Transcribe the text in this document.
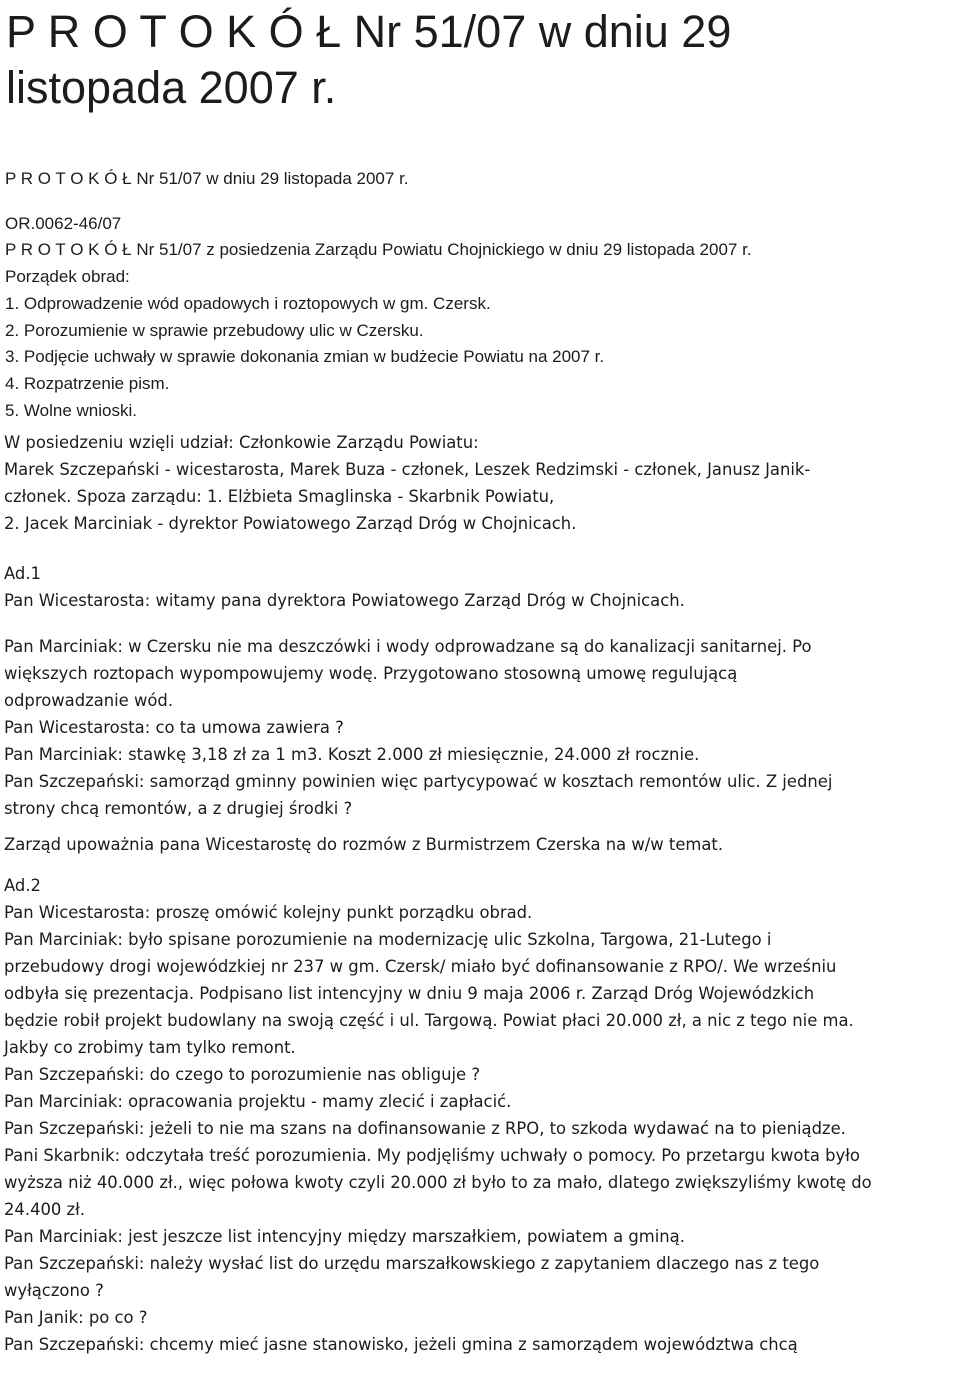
P R O T O K Ó Ł Nr 51/07 w dniu 29
listopada 2007 r.
P R O T O K Ó Ł Nr 51/07 w dniu 29 listopada 2007 r.
OR.0062-46/07
P R O T O K Ó Ł Nr 51/07 z posiedzenia Zarządu Powiatu Chojnickiego w dniu 29 listopada 2007 r.
Porządek obrad:
1. Odprowadzenie wód opadowych i roztopowych w gm. Czersk.
2. Porozumienie w sprawie przebudowy ulic w Czersku.
3. Podjęcie uchwały w sprawie dokonania zmian w budżecie Powiatu na 2007 r.
4. Rozpatrzenie pism.
5. Wolne wnioski.
W posiedzeniu wzięli udział: Członkowie Zarządu Powiatu:
Marek Szczepański - wicestarosta, Marek Buza - członek, Leszek Redzimski - członek, Janusz Janik-
członek. Spoza zarządu: 1. Elżbieta Smaglinska - Skarbnik Powiatu,
2. Jacek Marciniak - dyrektor Powiatowego Zarząd Dróg w Chojnicach.
Ad.1
Pan Wicestarosta: witamy pana dyrektora Powiatowego Zarząd Dróg w Chojnicach.
Pan Marciniak: w Czersku nie ma deszczówki i wody odprowadzane są do kanalizacji sanitarnej. Po
większych roztopach wypompowujemy wodę. Przygotowano stosowną umowę regulującą
odprowadzanie wód.
Pan Wicestarosta: co ta umowa zawiera ?
Pan Marciniak: stawkę 3,18 zł za 1 m3. Koszt 2.000 zł miesięcznie, 24.000 zł rocznie.
Pan Szczepański: samorząd gminny powinien więc partycypować w kosztach remontów ulic. Z jednej
strony chcą remontów, a z drugiej środki ?
Zarząd upoważnia pana Wicestarostę do rozmów z Burmistrzem Czerska na w/w temat.
Ad.2
Pan Wicestarosta: proszę omówić kolejny punkt porządku obrad.
Pan Marciniak: było spisane porozumienie na modernizację ulic Szkolna, Targowa, 21-Lutego i
przebudowy drogi wojewódzkiej nr 237 w gm. Czersk/ miało być dofinansowanie z RPO/. We wrześniu
odbyła się prezentacja. Podpisano list intencyjny w dniu 9 maja 2006 r. Zarząd Dróg Wojewódzkich
będzie robił projekt budowlany na swoją część i ul. Targową. Powiat płaci 20.000 zł, a nic z tego nie ma.
Jakby co zrobimy tam tylko remont.
Pan Szczepański: do czego to porozumienie nas obliguje ?
Pan Marciniak: opracowania projektu - mamy zlecić i zapłacić.
Pan Szczepański: jeżeli to nie ma szans na dofinansowanie z RPO, to szkoda wydawać na to pieniądze.
Pani Skarbnik: odczytała treść porozumienia. My podjęliśmy uchwały o pomocy. Po przetargu kwota było
wyższa niż 40.000 zł., więc połowa kwoty czyli 20.000 zł było to za mało, dlatego zwiększyliśmy kwotę do
24.400 zł.
Pan Marciniak: jest jeszcze list intencyjny między marszałkiem, powiatem a gminą.
Pan Szczepański: należy wysłać list do urzędu marszałkowskiego z zapytaniem dlaczego nas z tego
wyłączono ?
Pan Janik: po co ?
Pan Szczepański: chcemy mieć jasne stanowisko, jeżeli gmina z samorządem województwa chcą
